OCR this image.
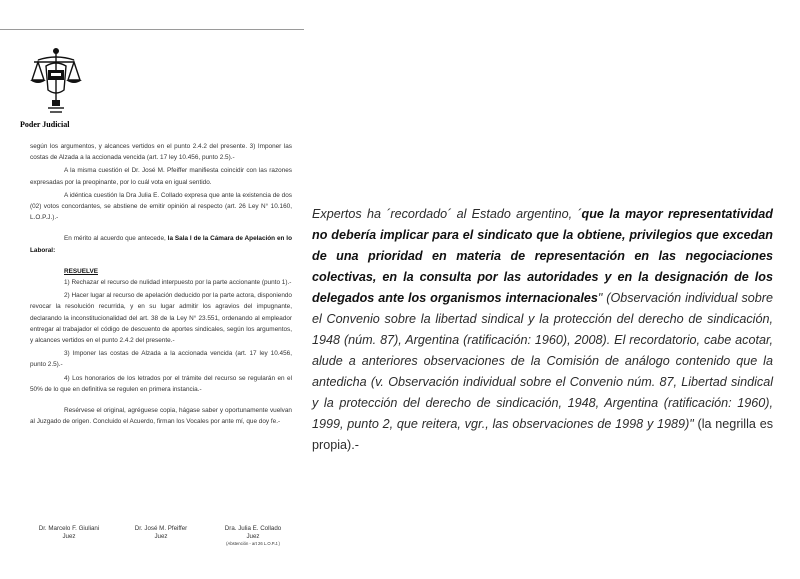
Poder Judicial

según los argumentos, y alcances vertidos en el punto 2.4.2 del presente. 3) Imponer las costas de Alzada a la accionada vencida (art. 17 ley 10.456, punto 2.5).-

A la misma cuestión el Dr. José M. Pfeiffer manifiesta coincidir con las razones expresadas por la preopinante, por lo cuál vota en igual sentido.

A idéntica cuestión la Dra Julia E. Collado expresa que ante la existencia de dos (02) votos concordantes, se abstiene de emitir opinión al respecto (art. 26 Ley N° 10.160, L.O.P.J.).-

En mérito al acuerdo que antecede, la Sala I de la Cámara de Apelación en lo Laboral:

RESUELVE

1) Rechazar el recurso de nulidad interpuesto por la parte accionante (punto 1).-

2) Hacer lugar al recurso de apelación deducido por la parte actora, disponiendo revocar la resolución recurrida, y en su lugar admitir los agravios del impugnante, declarando la inconstitucionalidad del art. 38 de la Ley N° 23.551, ordenando al empleador entregar al trabajador el código de descuento de aportes sindicales, según los argumentos, y alcances vertidos en el punto 2.4.2 del presente.-

3) Imponer las costas de Alzada a la accionada vencida (art. 17 ley 10.456, punto 2.5).-

4) Los honorarios de los letrados por el trámite del recurso se regularán en el 50% de lo que en definitiva se regulen en primera instancia.-

Resérvese el original, agréguese copia, hágase saber y oportunamente vuelvan al Juzgado de origen. Concluido el Acuerdo, firman los Vocales por ante mí, que doy fe.-

Dr. Marcelo F. Giuliani
Juez
Dr. José M. Pfeiffer
Juez
Dra. Julia E. Collado
Juez
(Abstención - art 26 L.O.P.J.)
Expertos ha ´recordado´ al Estado argentino, ´que la mayor representatividad no debería implicar para el sindicato que la obtiene, privilegios que excedan de una prioridad en materia de representación en las negociaciones colectivas, en la consulta por las autoridades y en la designación de los delegados ante los organismos internacionales" (Observación individual sobre el Convenio sobre la libertad sindical y la protección del derecho de sindicación, 1948 (núm. 87), Argentina (ratificación: 1960), 2008). El recordatorio, cabe acotar, alude a anteriores observaciones de la Comisión de análogo contenido que la antedicha (v. Observación individual sobre el Convenio núm. 87, Libertad sindical y la protección del derecho de sindicación, 1948, Argentina (ratificación: 1960), 1999, punto 2, que reitera, vgr., las observaciones de 1998 y 1989)" (la negrilla es propia).-
